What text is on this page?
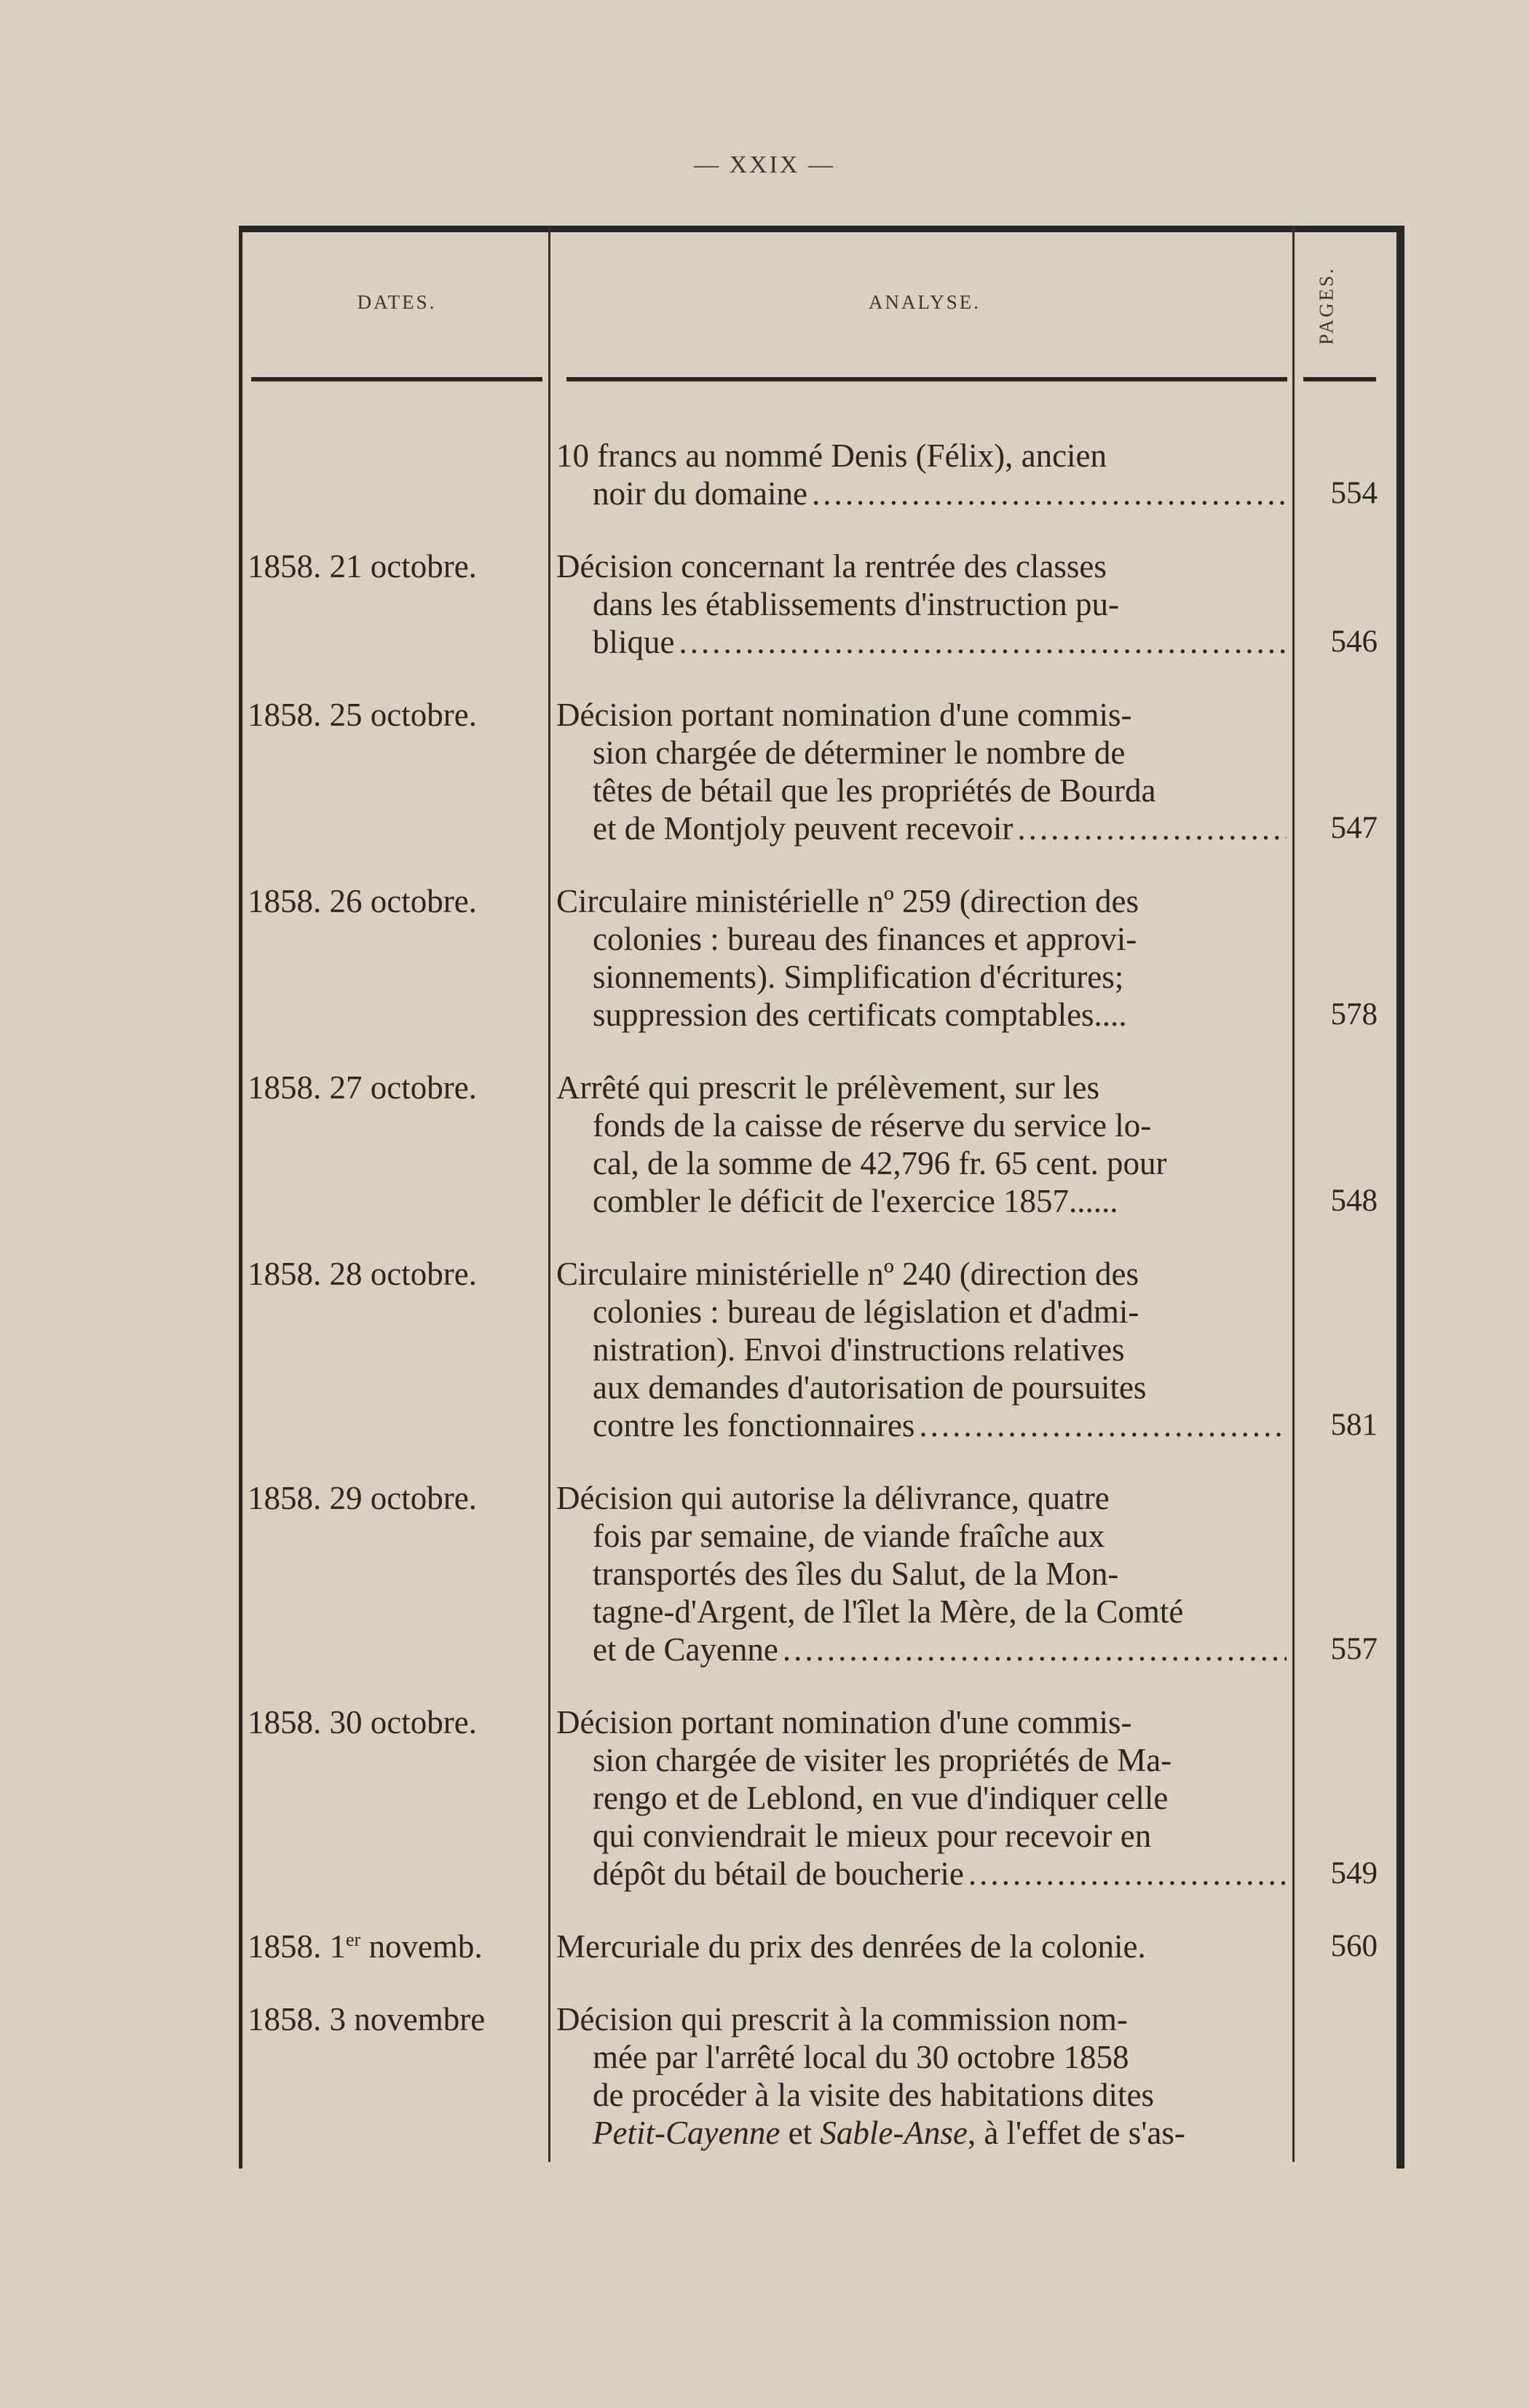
— XXIX —
DATES.	ANALYSE.	PAGES.
10 francs au nommé Denis (Félix), ancien
noir du domaine .....	554
1858. 21 octobre.	Décision concernant la rentrée des classes
dans les établissements d'instruction pu-
blique .....	546
1858. 25 octobre.	Décision portant nomination d'une commis-
sion chargée de déterminer le nombre de
têtes de bétail que les propriétés de Bourda
et de Montjoly peuvent recevoir .....	547
1858. 26 octobre.	Circulaire ministérielle nº 259 (direction des
colonies : bureau des finances et approvi-
sionnements). Simplification d'écritures;
suppression des certificats comptables....	578
1858. 27 octobre.	Arrêté qui prescrit le prélèvement, sur les
fonds de la caisse de réserve du service lo-
cal, de la somme de 42,796 fr. 65 cent. pour
combler le déficit de l'exercice 1857......	548
1858. 28 octobre.	Circulaire ministérielle nº 240 (direction des
colonies : bureau de législation et d'admi-
nistration). Envoi d'instructions relatives
aux demandes d'autorisation de poursuites
contre les fonctionnaires .....	581
1858. 29 octobre.	Décision qui autorise la délivrance, quatre
fois par semaine, de viande fraîche aux
transportés des îles du Salut, de la Mon-
tagne-d'Argent, de l'îlet la Mère, de la Comté
et de Cayenne .....	557
1858. 30 octobre.	Décision portant nomination d'une commis-
sion chargée de visiter les propriétés de Ma-
rengo et de Leblond, en vue d'indiquer celle
qui conviendrait le mieux pour recevoir en
dépôt du bétail de boucherie .....	549
1858. 1er novemb.	Mercuriale du prix des denrées de la colonie.	560
1858. 3 novembre	Décision qui prescrit à la commission nom-
mée par l'arrêté local du 30 octobre 1858
de procéder à la visite des habitations dites
Petit-Cayenne et Sable-Anse, à l'effet de s'as-
